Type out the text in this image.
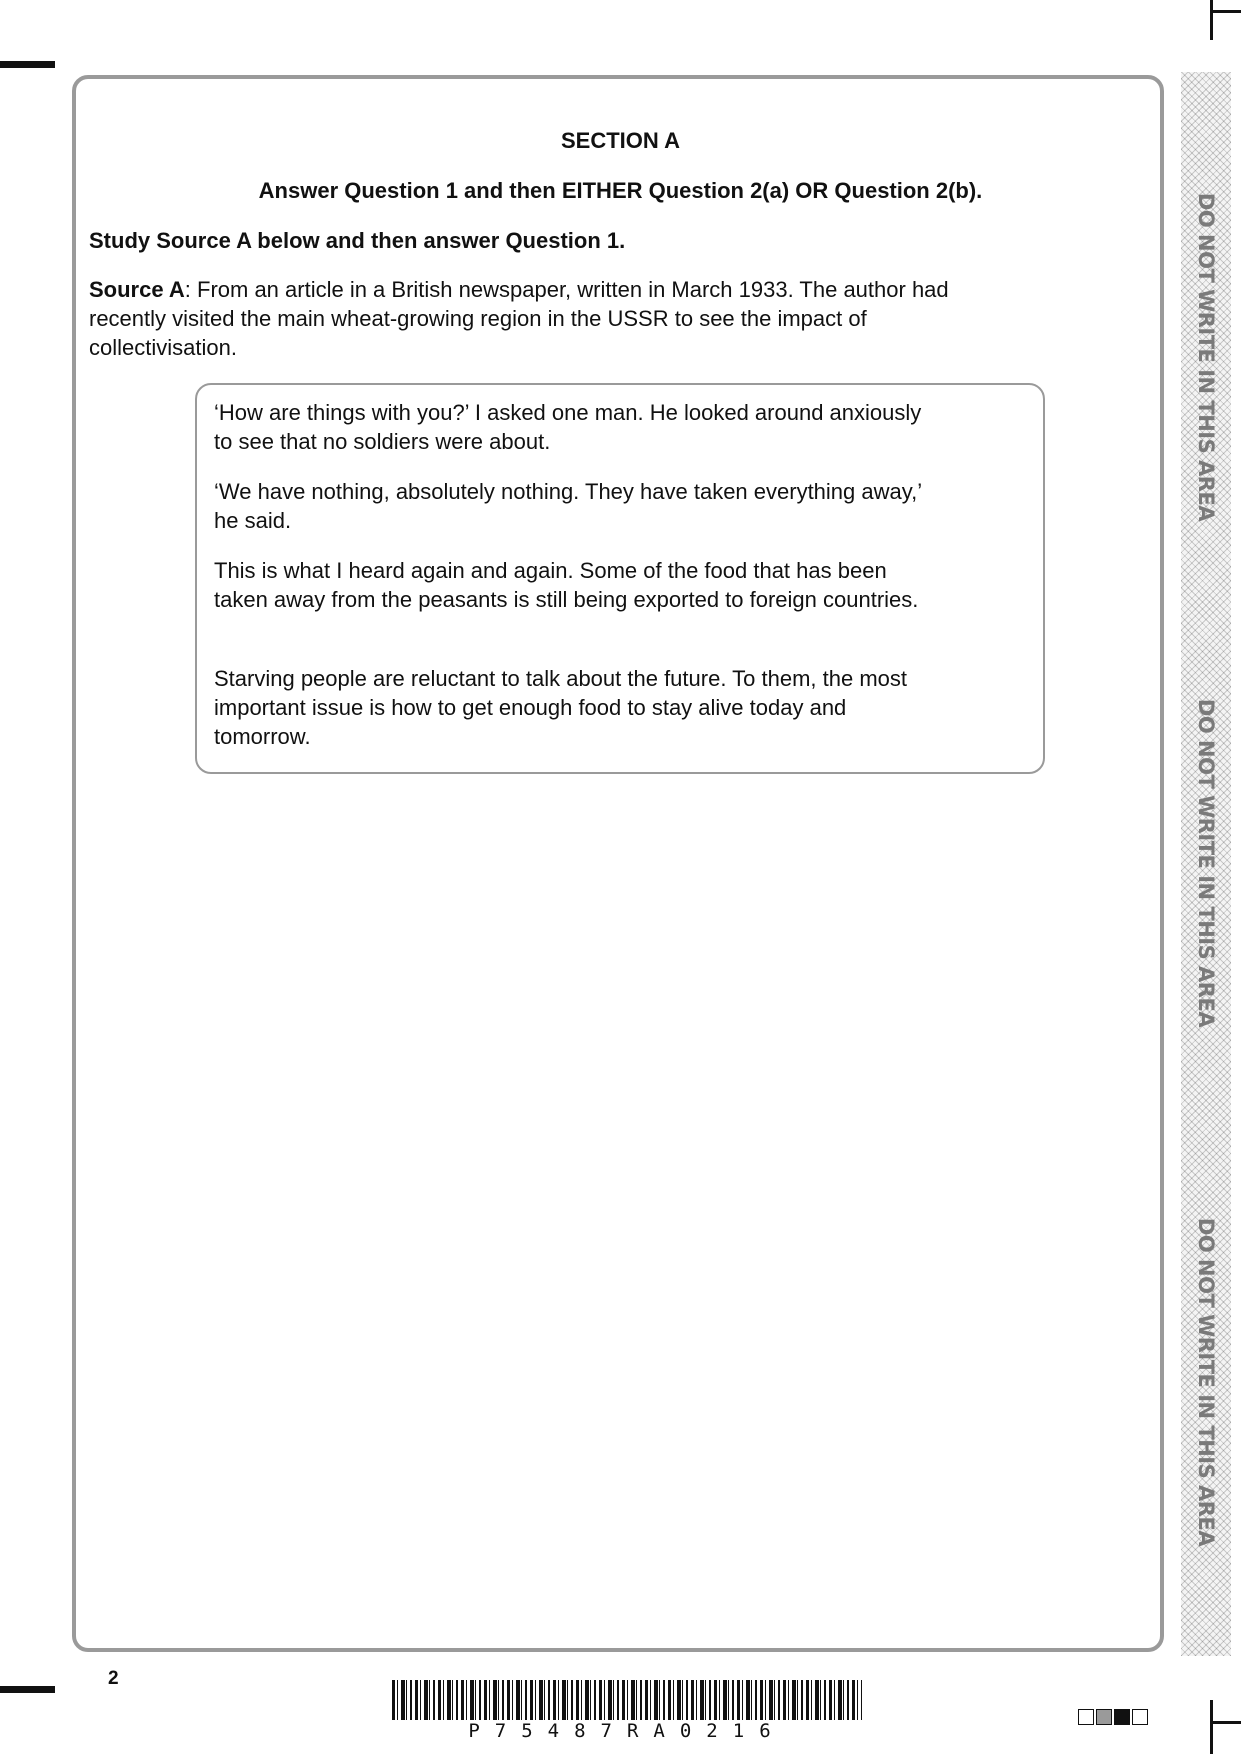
DO NOT WRITE IN THIS AREA
DO NOT WRITE IN THIS AREA
DO NOT WRITE IN THIS AREA
SECTION A
Answer Question 1 and then EITHER Question 2(a) OR Question 2(b).
Study Source A below and then answer Question 1.
Source A: From an article in a British newspaper, written in March 1933. The author had recently visited the main wheat-growing region in the USSR to see the impact of collectivisation.
‘How are things with you?’ I asked one man. He looked around anxiously to see that no soldiers were about.
‘We have nothing, absolutely nothing. They have taken everything away,’ he said.
This is what I heard again and again. Some of the food that has been taken away from the peasants is still being exported to foreign countries.
Starving people are reluctant to talk about the future. To them, the most important issue is how to get enough food to stay alive today and tomorrow.
2
P75487RA0216
